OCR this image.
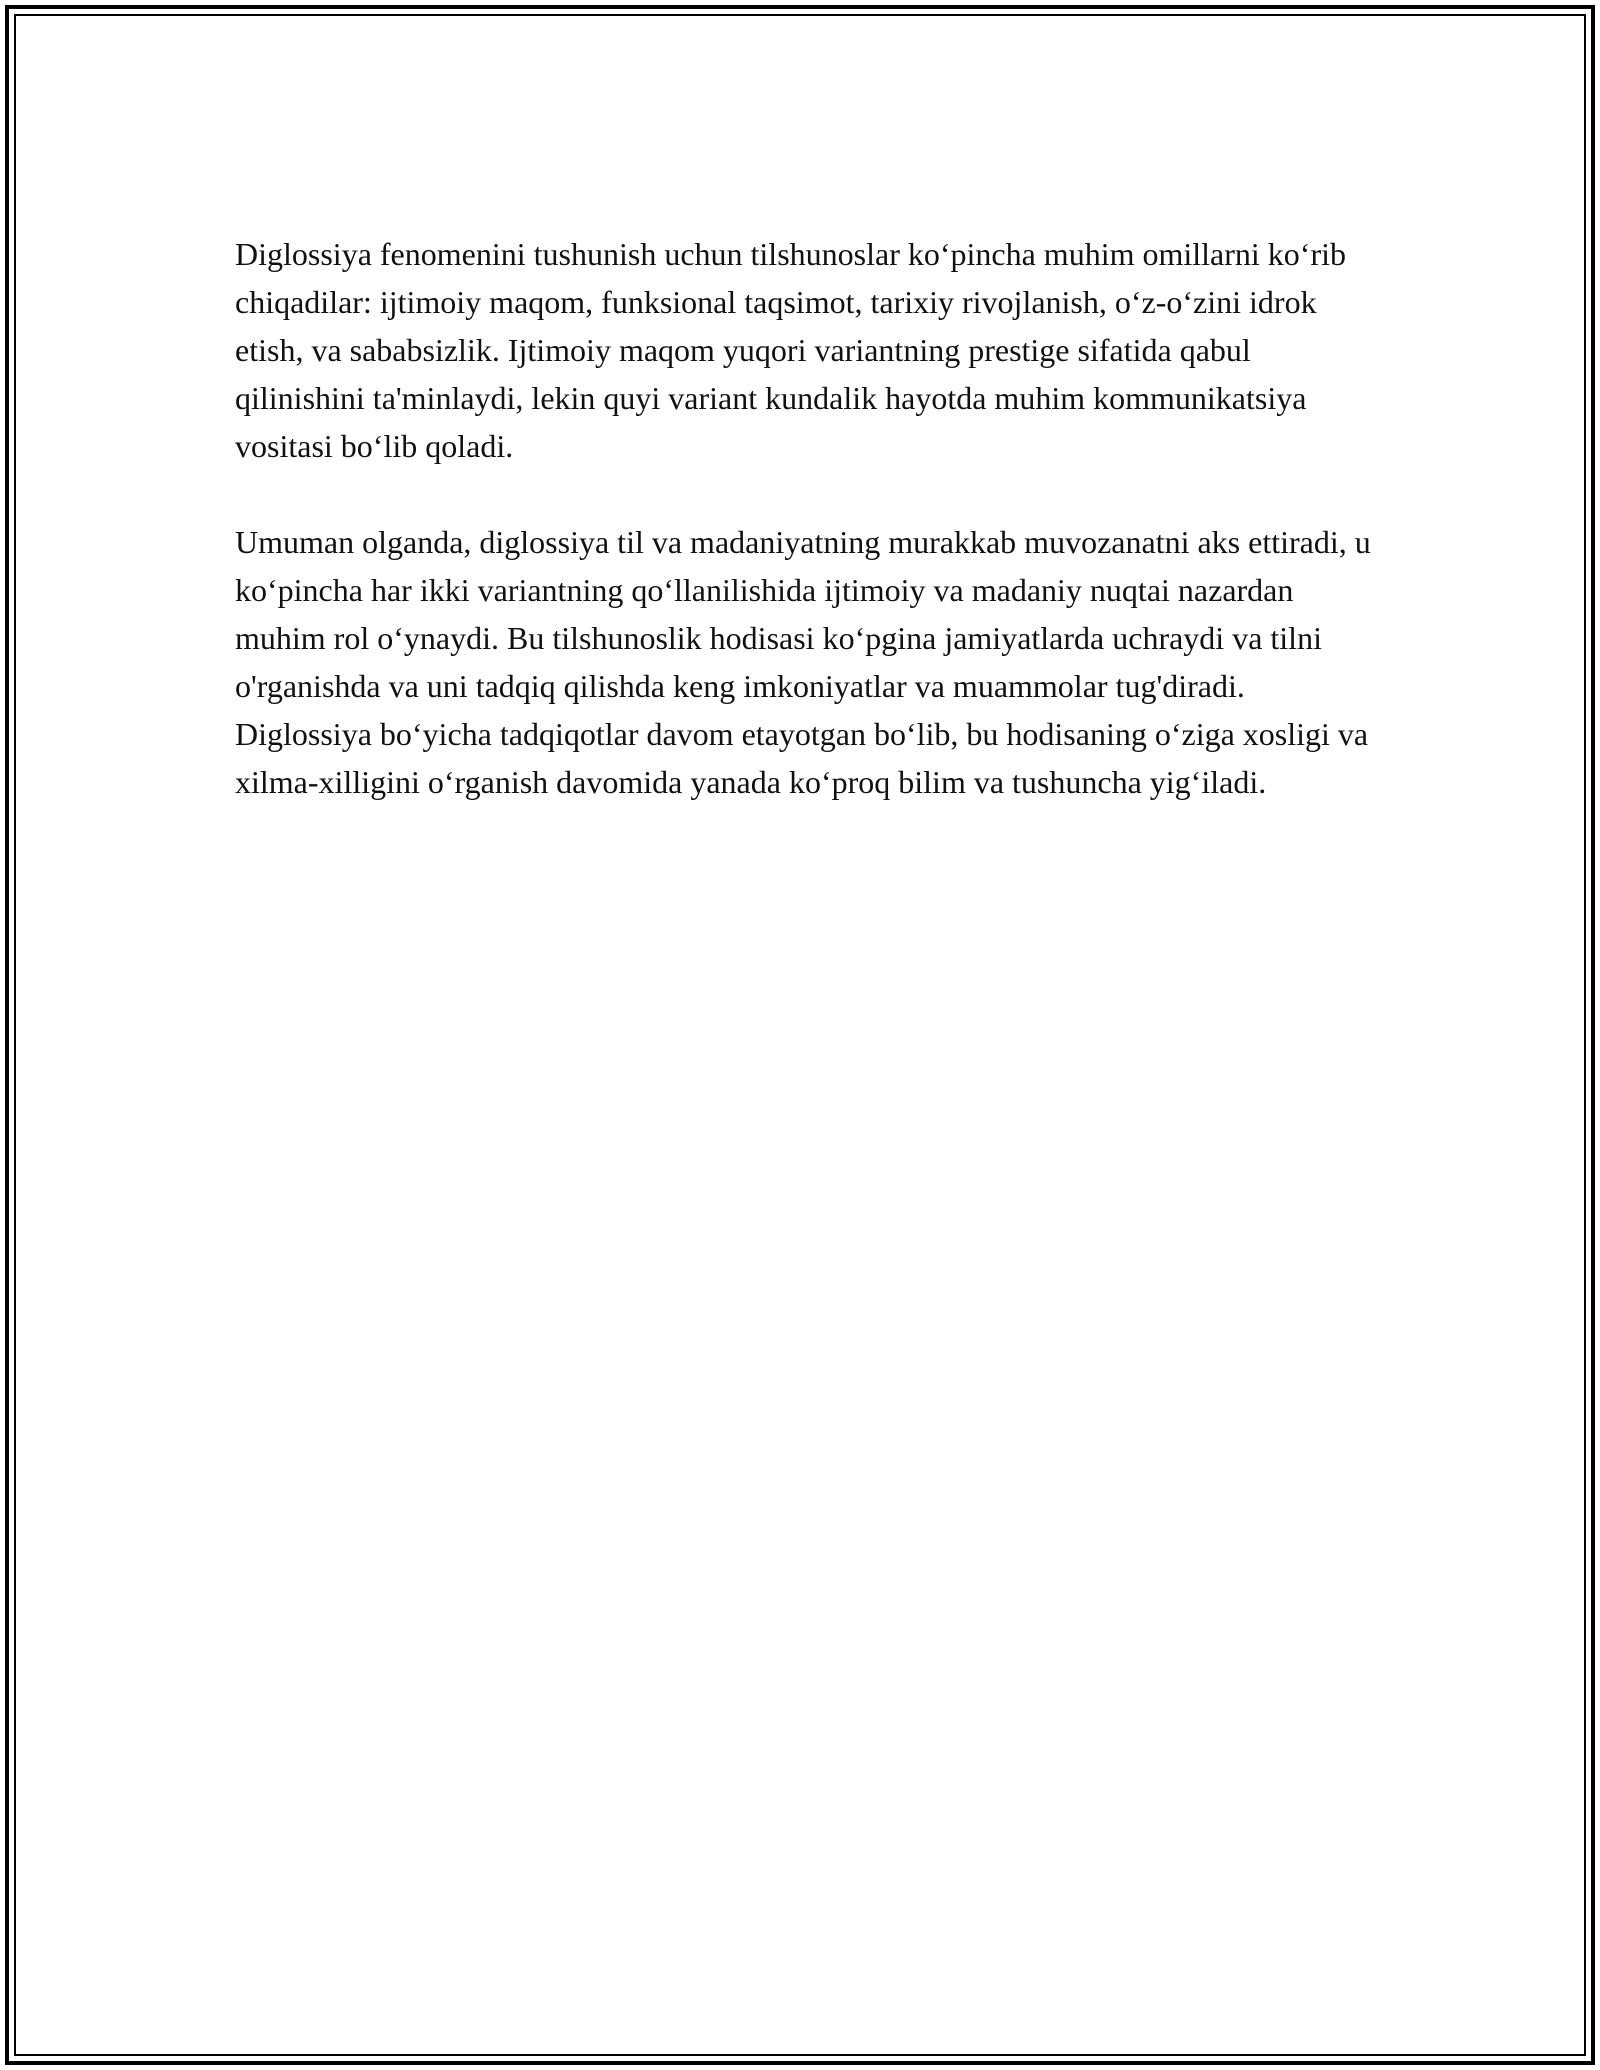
Diglossiya fenomenini tushunish uchun tilshunoslar ko‘pincha muhim omillarni ko‘rib chiqadilar: ijtimoiy maqom, funksional taqsimot, tarixiy rivojlanish, o‘z-o‘zini idrok etish, va sababsizlik. Ijtimoiy maqom yuqori variantning prestige sifatida qabul qilinishini ta'minlaydi, lekin quyi variant kundalik hayotda muhim kommunikatsiya vositasi bo‘lib qoladi.

Umuman olganda, diglossiya til va madaniyatning murakkab muvozanatni aks ettiradi, u ko‘pincha har ikki variantning qo‘llanilishida ijtimoiy va madaniy nuqtai nazardan muhim rol o‘ynaydi. Bu tilshunoslik hodisasi ko‘pgina jamiyatlarda uchraydi va tilni o'rganishda va uni tadqiq qilishda keng imkoniyatlar va muammolar tug'diradi. Diglossiya bo‘yicha tadqiqotlar davom etayotgan bo‘lib, bu hodisaning o‘ziga xosligi va xilma-xilligini o‘rganish davomida yanada ko‘proq bilim va tushuncha yig‘iladi.
